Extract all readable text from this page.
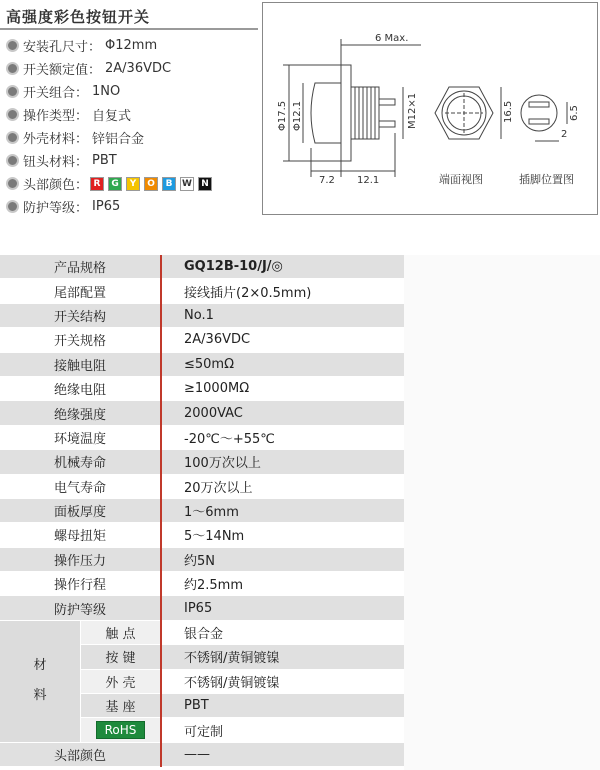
高强度彩色按钮开关
安装孔尺寸： Φ12mm
开关额定值： 2A/36VDC
开关组合： 1NO
操作类型： 自复式
外壳材料： 锌铝合金
钮头材料： PBT
头部颜色： R	G	Y	O	B	W	N
防护等级： IP65
6 Max.
7.2 12.1
Φ17.5 Φ12.1	M12×1	16.5	6.5
2
端面视图	插脚位置图
产品规格		GQ12B-10/J/◎
尾部配置		接线插片(2×0.5mm)
开关结构		No.1
开关规格		2A/36VDC
接触电阻		≤50mΩ
绝缘电阻		≥1000MΩ
绝缘强度		2000VAC
环境温度		-20℃～+55℃
机械寿命		100万次以上
电气寿命		20万次以上
面板厚度		1～6mm
螺母扭矩		5～14Nm
操作压力		约5N
操作行程		约2.5mm
防护等级		IP65
材料	触 点	银合金
	按 键	不锈钢/黄铜镀镍
	外 壳	不锈钢/黄铜镀镍
	基 座	PBT
	RoHS	可定制
头部颜色		——
